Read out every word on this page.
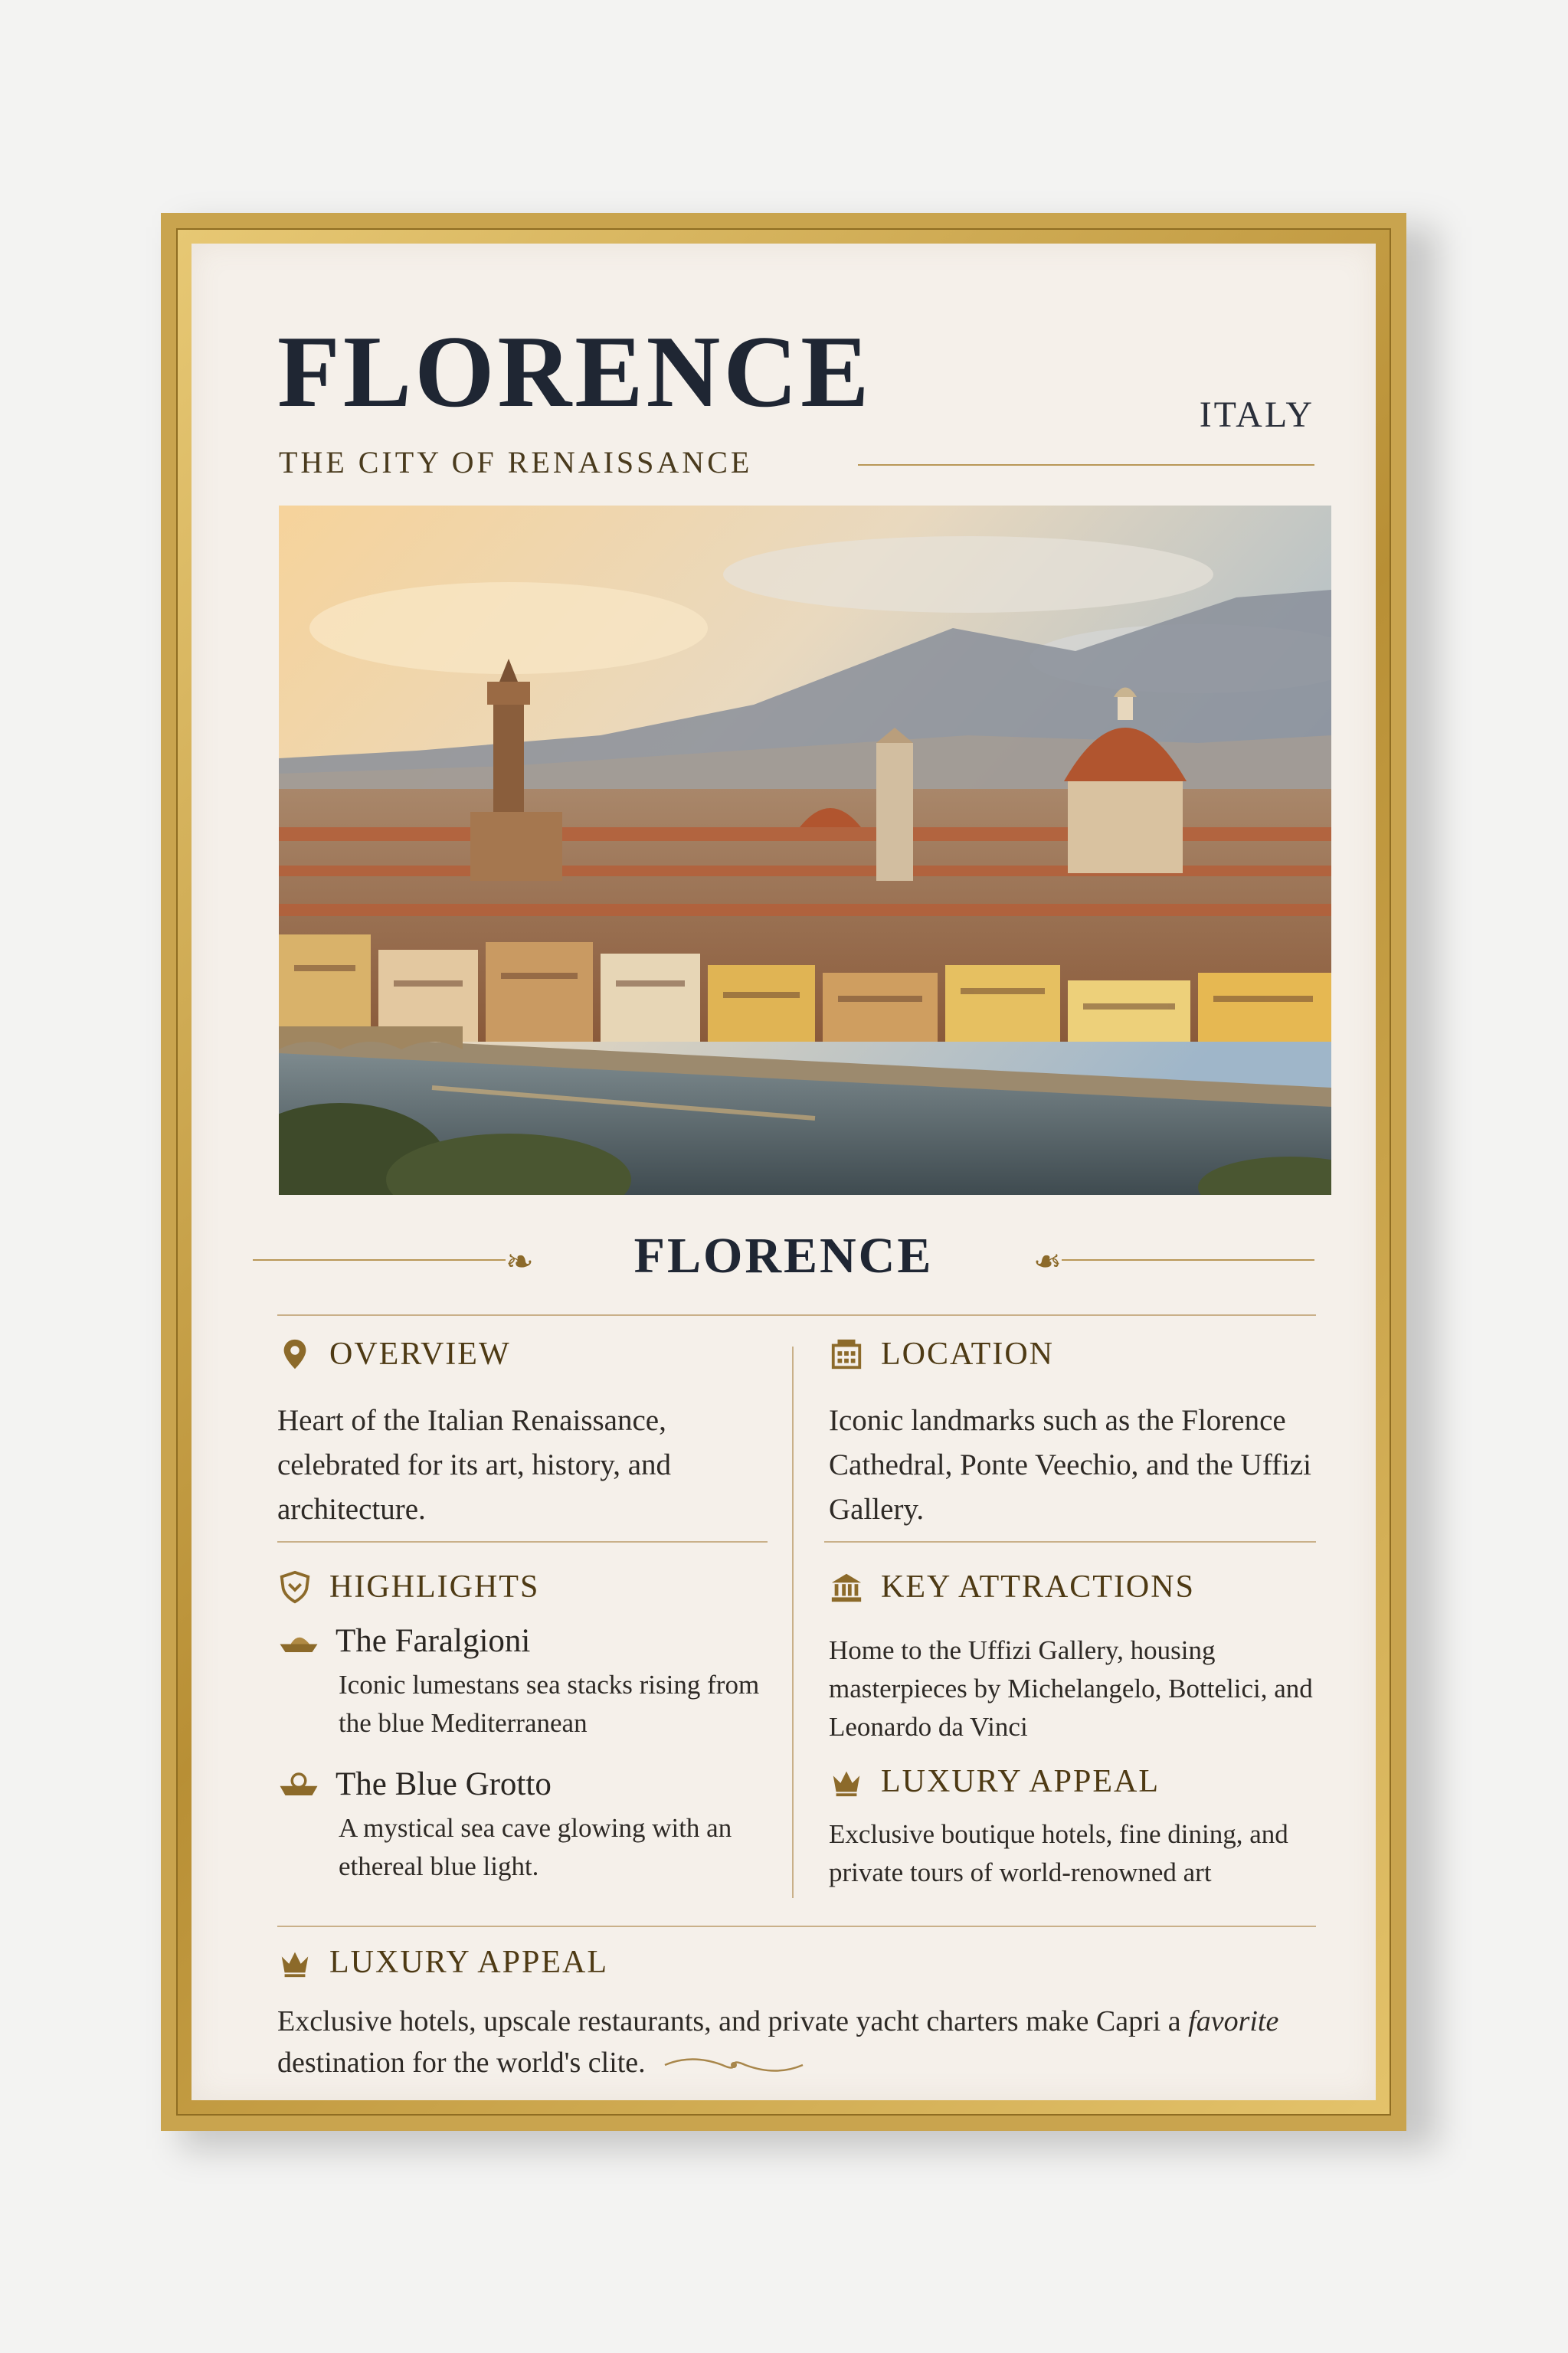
FLORENCE	ITALY
THE CITY OF RENAISSANCE
❧	FLORENCE	❧
OVERVIEW
Heart of the Italian Renaissance, celebrated for its art, history, and architecture.
LOCATION
Iconic landmarks such as the Florence Cathedral, Ponte Veechio, and the Uffizi Gallery.
HIGHLIGHTS
The Faralgioni
Iconic lumestans sea stacks rising from the blue Mediterranean
The Blue Grotto
A mystical sea cave glowing with an ethereal blue light.
KEY ATTRACTIONS
Home to the Uffizi Gallery, housing masterpieces by Michelangelo, Bottelici, and Leonardo da Vinci
LUXURY APPEAL
Exclusive boutique hotels, fine dining, and private tours of world-renowned art
LUXURY APPEAL
Exclusive hotels, upscale restaurants, and private yacht charters make Capri a favorite destination for the world's clite.
